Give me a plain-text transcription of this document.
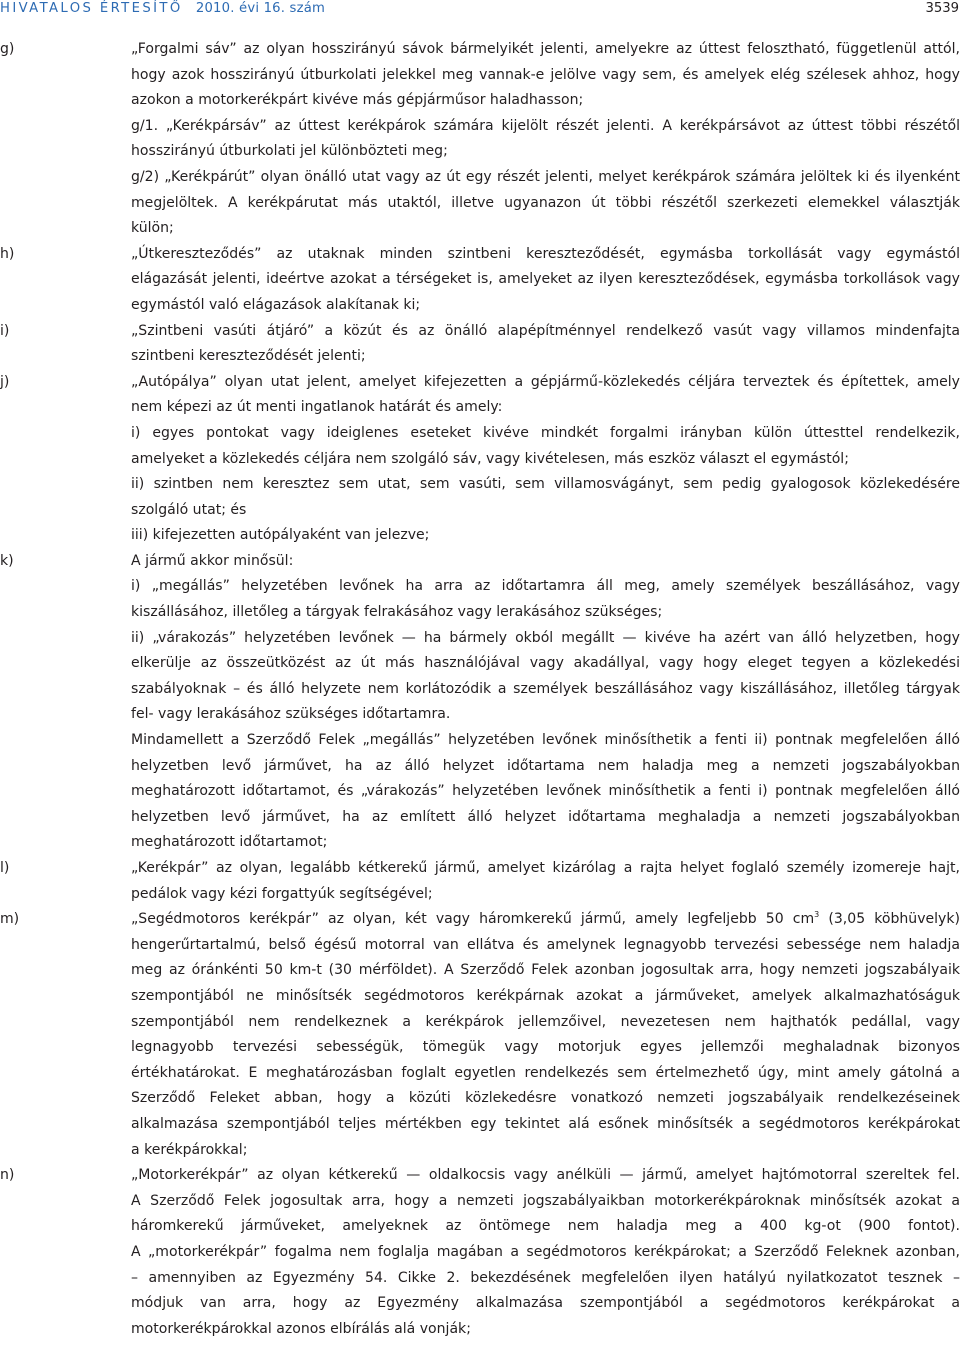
HIVATALOS ÉRTESÍTŐ 2010. évi 16. szám	3539
g)	„Forgalmi sáv” az olyan hosszirányú sávok bármelyikét jelenti, amelyekre az úttest felosztható, függetlenül attól,
hogy azok hosszirányú útburkolati jelekkel meg vannak-e jelölve vagy sem, és amelyek elég szélesek ahhoz, hogy
azokon a motorkerékpárt kivéve más gépjárműsor haladhasson;
g/1. „Kerékpársáv” az úttest kerékpárok számára kijelölt részét jelenti. A kerékpársávot az úttest többi részétől
hosszirányú útburkolati jel különbözteti meg;
g/2) „Kerékpárút” olyan önálló utat vagy az út egy részét jelenti, melyet kerékpárok számára jelöltek ki és ilyenként
megjelöltek. A kerékpárutat más utaktól, illetve ugyanazon út többi részétől szerkezeti elemekkel választják
külön;
h)	„Útkereszteződés” az utaknak minden szintbeni kereszteződését, egymásba torkollását vagy egymástól
elágazását jelenti, ideértve azokat a térségeket is, amelyeket az ilyen kereszteződések, egymásba torkollások vagy
egymástól való elágazások alakítanak ki;
i)	„Szintbeni vasúti átjáró” a közút és az önálló alapépítménnyel rendelkező vasút vagy villamos mindenfajta
szintbeni kereszteződését jelenti;
j)	„Autópálya” olyan utat jelent, amelyet kifejezetten a gépjármű-közlekedés céljára terveztek és építettek, amely
nem képezi az út menti ingatlanok határát és amely:
i) egyes pontokat vagy ideiglenes eseteket kivéve mindkét forgalmi irányban külön úttesttel rendelkezik,
amelyeket a közlekedés céljára nem szolgáló sáv, vagy kivételesen, más eszköz választ el egymástól;
ii) szintben nem keresztez sem utat, sem vasúti, sem villamosvágányt, sem pedig gyalogosok közlekedésére
szolgáló utat; és
iii) kifejezetten autópályaként van jelezve;
k)	A jármű akkor minősül:
i) „megállás” helyzetében levőnek ha arra az időtartamra áll meg, amely személyek beszállásához, vagy
kiszállásához, illetőleg a tárgyak felrakásához vagy lerakásához szükséges;
ii) „várakozás” helyzetében levőnek — ha bármely okból megállt — kivéve ha azért van álló helyzetben, hogy
elkerülje az összeütközést az út más használójával vagy akadállyal, vagy hogy eleget tegyen a közlekedési
szabályoknak – és álló helyzete nem korlátozódik a személyek beszállásához vagy kiszállásához, illetőleg tárgyak
fel- vagy lerakásához szükséges időtartamra.
Mindamellett a Szerződő Felek „megállás” helyzetében levőnek minősíthetik a fenti ii) pontnak megfelelően álló
helyzetben levő járművet, ha az álló helyzet időtartama nem haladja meg a nemzeti jogszabályokban
meghatározott időtartamot, és „várakozás” helyzetében levőnek minősíthetik a fenti i) pontnak megfelelően álló
helyzetben levő járművet, ha az említett álló helyzet időtartama meghaladja a nemzeti jogszabályokban
meghatározott időtartamot;
l)	„Kerékpár” az olyan, legalább kétkerekű jármű, amelyet kizárólag a rajta helyet foglaló személy izomereje hajt,
pedálok vagy kézi forgattyúk segítségével;
m)	„Segédmotoros kerékpár” az olyan, két vagy háromkerekű jármű, amely legfeljebb 50 $cm^3$ (3,05 köbhüvelyk)
hengerűrtartalmú, belső égésű motorral van ellátva és amelynek legnagyobb tervezési sebessége nem haladja
meg az óránkénti 50 km-t (30 mérföldet). A Szerződő Felek azonban jogosultak arra, hogy nemzeti jogszabályaik
szempontjából ne minősítsék segédmotoros kerékpárnak azokat a járműveket, amelyek alkalmazhatóságuk
szempontjából nem rendelkeznek a kerékpárok jellemzőivel, nevezetesen nem hajthatók pedállal, vagy
legnagyobb tervezési sebességük, tömegük vagy motorjuk egyes jellemzői meghaladnak bizonyos
értékhatárokat. E meghatározásban foglalt egyetlen rendelkezés sem értelmezhető úgy, mint amely gátolná a
Szerződő Feleket abban, hogy a közúti közlekedésre vonatkozó nemzeti jogszabályaik rendelkezéseinek
alkalmazása szempontjából teljes mértékben egy tekintet alá esőnek minősítsék a segédmotoros kerékpárokat
a kerékpárokkal;
n)	„Motorkerékpár” az olyan kétkerekű — oldalkocsis vagy anélküli — jármű, amelyet hajtómotorral szereltek fel.
A Szerződő Felek jogosultak arra, hogy a nemzeti jogszabályaikban motorkerékpároknak minősítsék azokat a
háromkerekű járműveket, amelyeknek az öntömege nem haladja meg a 400 kg-ot (900 fontot).
A „motorkerékpár” fogalma nem foglalja magában a segédmotoros kerékpárokat; a Szerződő Feleknek azonban,
– amennyiben az Egyezmény 54. Cikke 2. bekezdésének megfelelően ilyen hatályú nyilatkozatot tesznek –
módjuk van arra, hogy az Egyezmény alkalmazása szempontjából a segédmotoros kerékpárokat a
motorkerékpárokkal azonos elbírálás alá vonják;
